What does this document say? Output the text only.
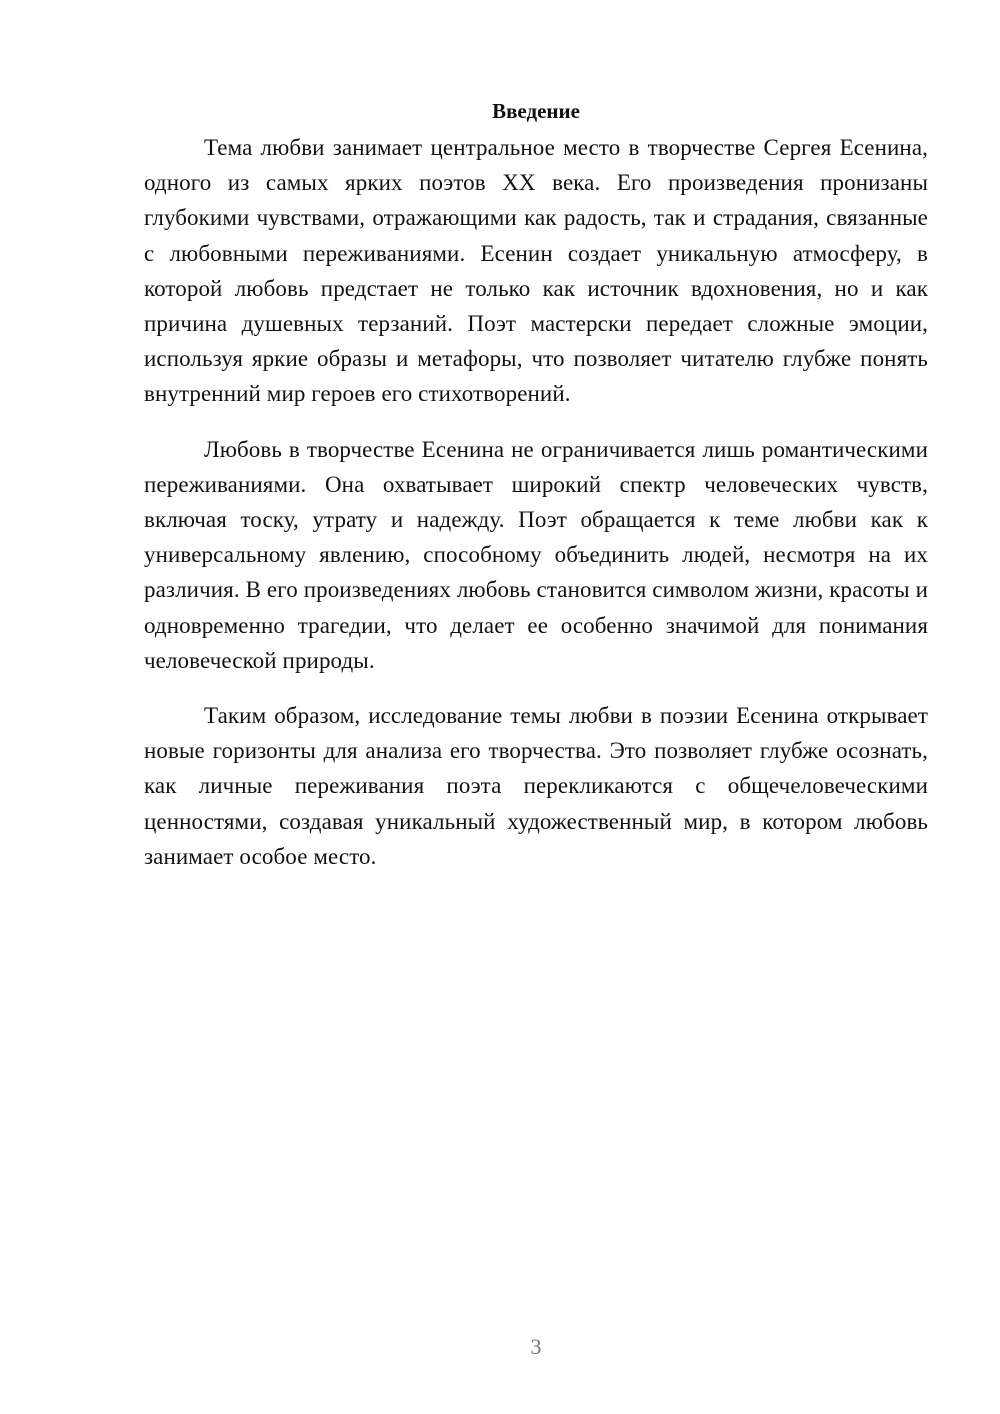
Введение

Тема любви занимает центральное место в творчестве Сергея Есенина, одного из самых ярких поэтов XX века. Его произведения пронизаны глубокими чувствами, отражающими как радость, так и страдания, связанные с любовными переживаниями. Есенин создает уникальную атмосферу, в которой любовь предстает не только как источник вдохновения, но и как причина душевных терзаний. Поэт мастерски передает сложные эмоции, используя яркие образы и метафоры, что позволяет читателю глубже понять внутренний мир героев его стихотворений.

Любовь в творчестве Есенина не ограничивается лишь романтическими переживаниями. Она охватывает широкий спектр человеческих чувств, включая тоску, утрату и надежду. Поэт обращается к теме любви как к универсальному явлению, способному объединить людей, несмотря на их различия. В его произведениях любовь становится символом жизни, красоты и одновременно трагедии, что делает ее особенно значимой для понимания человеческой природы.

Таким образом, исследование темы любви в поэзии Есенина открывает новые горизонты для анализа его творчества. Это позволяет глубже осознать, как личные переживания поэта перекликаются с общечеловеческими ценностями, создавая уникальный художественный мир, в котором любовь занимает особое место.

3
